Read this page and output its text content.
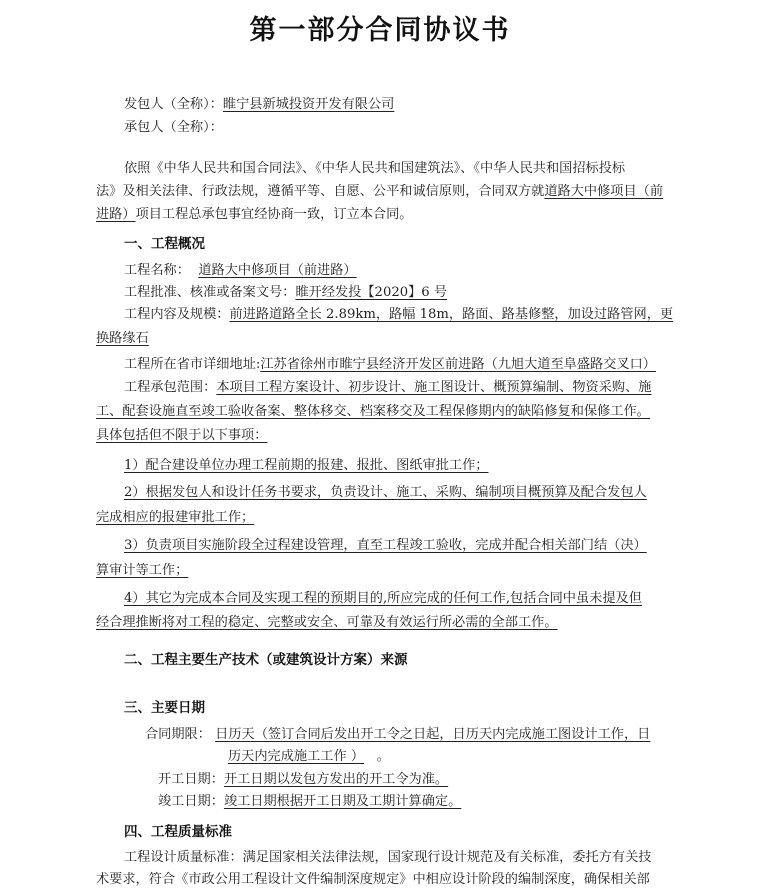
第一部分合同协议书
发包人（全称）：睢宁县新城投资开发有限公司
承包人（全称）：
依照《中华人民共和国合同法》、《中华人民共和国建筑法》、《中华人民共和国招标投标
法》及相关法律、行政法规，遵循平等、自愿、公平和诚信原则，合同双方就道路大中修项目（前
进路）项目工程总承包事宜经协商一致，订立本合同。
一、工程概况
工程名称： 道路大中修项目（前进路）
工程批准、核准或备案文号：睢开经发投【2020】6 号
工程内容及规模：前进路道路全长 2.89km，路幅 18m，路面、路基修整，加设过路管网，更
换路缘石
工程所在省市详细地址:江苏省徐州市睢宁县经济开发区前进路（九旭大道至阜盛路交叉口）
工程承包范围：本项目工程方案设计、初步设计、施工图设计、概预算编制、物资采购、施
工、配套设施直至竣工验收备案、整体移交、档案移交及工程保修期内的缺陷修复和保修工作。
具体包括但不限于以下事项：
1）配合建设单位办理工程前期的报建、报批、图纸审批工作；
2）根据发包人和设计任务书要求，负责设计、施工、采购、编制项目概预算及配合发包人
完成相应的报建审批工作；
3）负责项目实施阶段全过程建设管理，直至工程竣工验收，完成并配合相关部门结（决）
算审计等工作；
4）其它为完成本合同及实现工程的预期目的,所应完成的任何工作,包括合同中虽未提及但
经合理推断将对工程的稳定、完整或安全、可靠及有效运行所必需的全部工作。
二、工程主要生产技术（或建筑设计方案）来源
三、主要日期
合同期限： 日历天（签订合同后发出开工令之日起，日历天内完成施工图设计工作，日
历天内完成施工工作 ） 。
开工日期：开工日期以发包方发出的开工令为准。
竣工日期：竣工日期根据开工日期及工期计算确定。
四、工程质量标准
工程设计质量标准：满足国家相关法律法规，国家现行设计规范及有关标准，委托方有关技
术要求，符合《市政公用工程设计文件编制深度规定》中相应设计阶段的编制深度，确保相关部
